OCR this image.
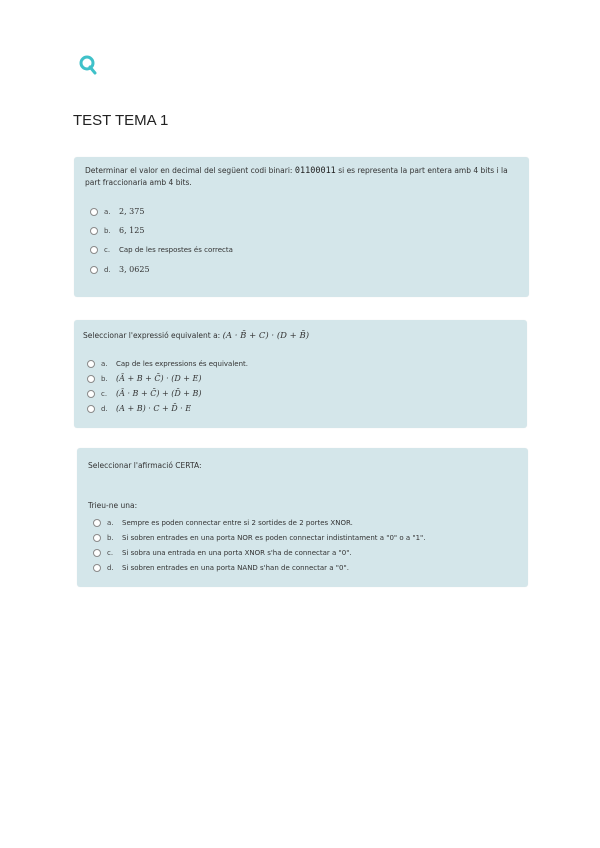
TEST TEMA 1

Determinar el valor en decimal del següent codi binari: 01100011 si es representa la part entera amb 4 bits i la part fraccionaria amb 4 bits.

a.	2, 375
b.	6, 125
c.	Cap de les respostes és correcta
d.	3, 0625

Seleccionar l'expressió equivalent a: (A · B̄ + C) · (D + B̄)

a.	Cap de les expressions és equivalent.
b.	(Ā + B + C̄) · (D + E)
c.	(Ā · B + C̄) + (D̄ + B)
d.	(A + B) · C + D̄ · E

Seleccionar l'afirmació CERTA:

Trieu-ne una:
a.	Sempre es poden connectar entre si 2 sortides de 2 portes XNOR.
b.	Si sobren entrades en una porta NOR es poden connectar indistintament a "0" o a "1".
c.	Si sobra una entrada en una porta XNOR s'ha de connectar a "0".
d.	Si sobren entrades en una porta NAND s'han de connectar a "0".
